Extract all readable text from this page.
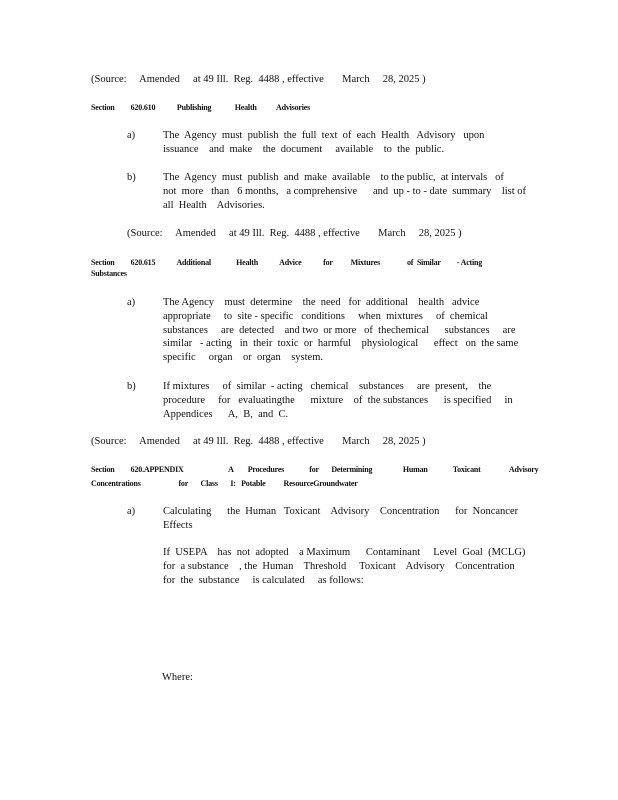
(Source:     Amended     at 49 Ill.  Reg.  4488 , effective       March     28, 2025 )
Section         620.610            Publishing             Health           Advisories
a)	The  Agency  must  publish  the  full  text  of  each  Health   Advisory   upon
issuance    and  make    the  document     available    to  the  public.
b)	The  Agency  must  publish  and  make  available    to the public,  at intervals   of
not  more   than   6 months,   a comprehensive      and  up - to - date  summary    list of
all  Health    Advisories.
(Source:     Amended     at 49 Ill.  Reg.  4488 , effective       March     28, 2025 )
Section         620.615            Additional              Health            Advice            for          Mixtures               of  Similar         - Acting
Substances
a)	The Agency    must  determine    the  need   for  additional    health   advice
appropriate     to  site - specific   conditions     when  mixtures     of  chemical
substances     are  detected    and two  or more   of  thechemical      substances     are
similar   - acting   in  their  toxic  or  harmful    physiological      effect   on  the same
specific     organ    or  organ    system.
b)	If mixtures     of  similar  - acting   chemical    substances     are  present,    the
procedure     for   evaluatingthe      mixture    of  the substances      is specified     in
Appendices      A,  B,  and  C.
(Source:     Amended     at 49 Ill.  Reg.  4488 , effective       March     28, 2025 )
Section         620.APPENDIX                         A        Procedures              for       Determining                 Human              Toxicant                Advisory
Concentrations                     for       Class       I:   Potable          ResourceGroundwater
a)	Calculating      the  Human   Toxicant    Advisory    Concentration      for  Noncancer
Effects
If  USEPA    has  not  adopted    a Maximum      Contaminant     Level  Goal  (MCLG)
for  a substance    , the  Human    Threshold     Toxicant    Advisory    Concentration
for  the  substance     is calculated     as follows:
Where:
